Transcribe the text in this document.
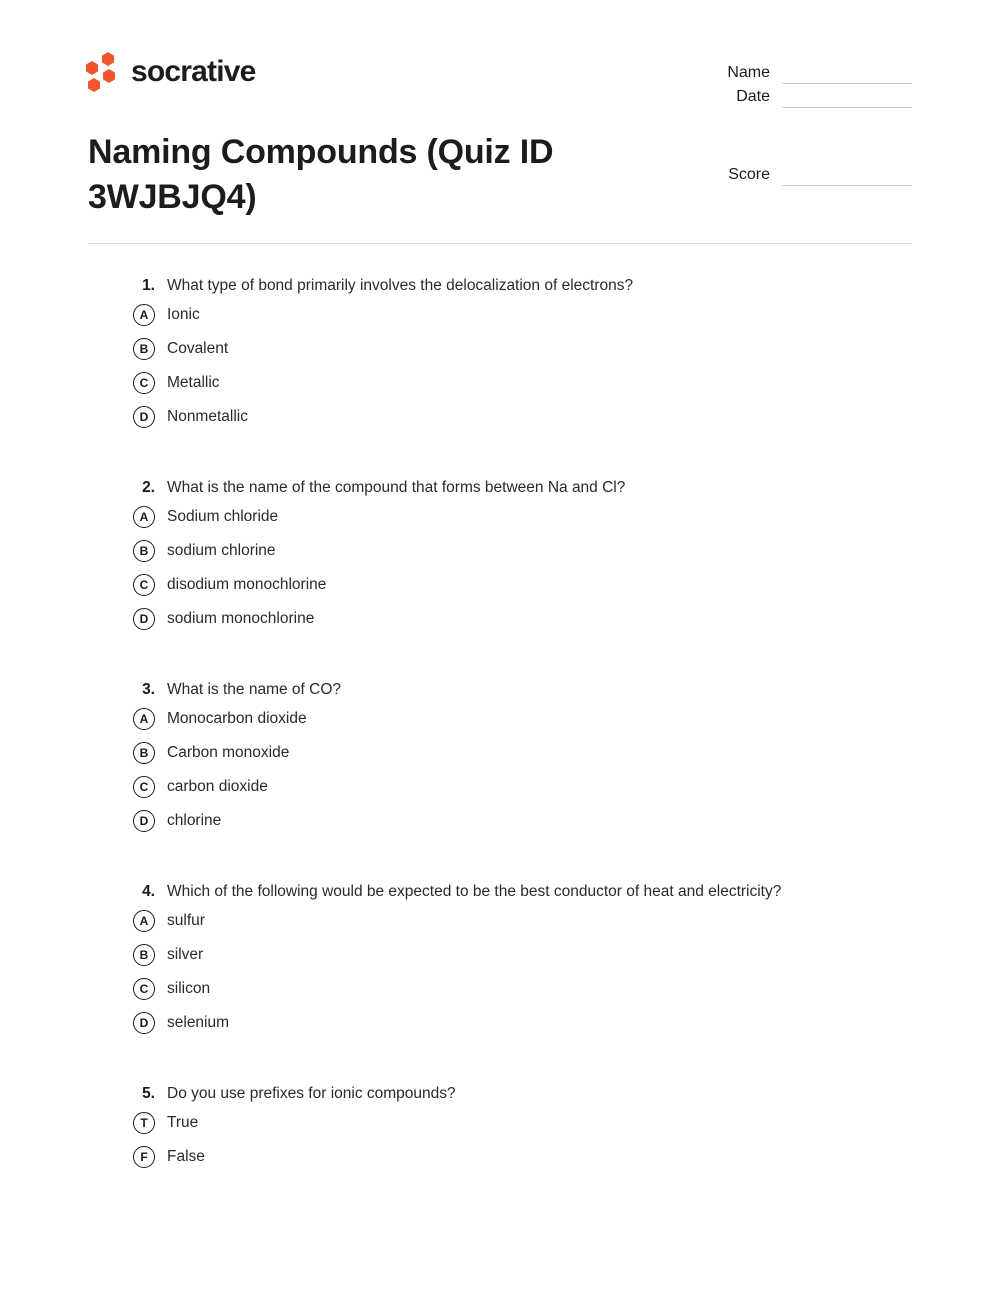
socrative	Name
Date
Naming Compounds (Quiz ID 3WJBJQ4)
Score
1. What type of bond primarily involves the delocalization of electrons?
A	Ionic
B	Covalent
C	Metallic
D	Nonmetallic
2. What is the name of the compound that forms between Na and Cl?
A	Sodium chloride
B	sodium chlorine
C	disodium monochlorine
D	sodium monochlorine
3. What is the name of CO?
A	Monocarbon dioxide
B	Carbon monoxide
C	carbon dioxide
D	chlorine
4. Which of the following would be expected to be the best conductor of heat and electricity?
A	sulfur
B	silver
C	silicon
D	selenium
5. Do you use prefixes for ionic compounds?
T	True
F	False
